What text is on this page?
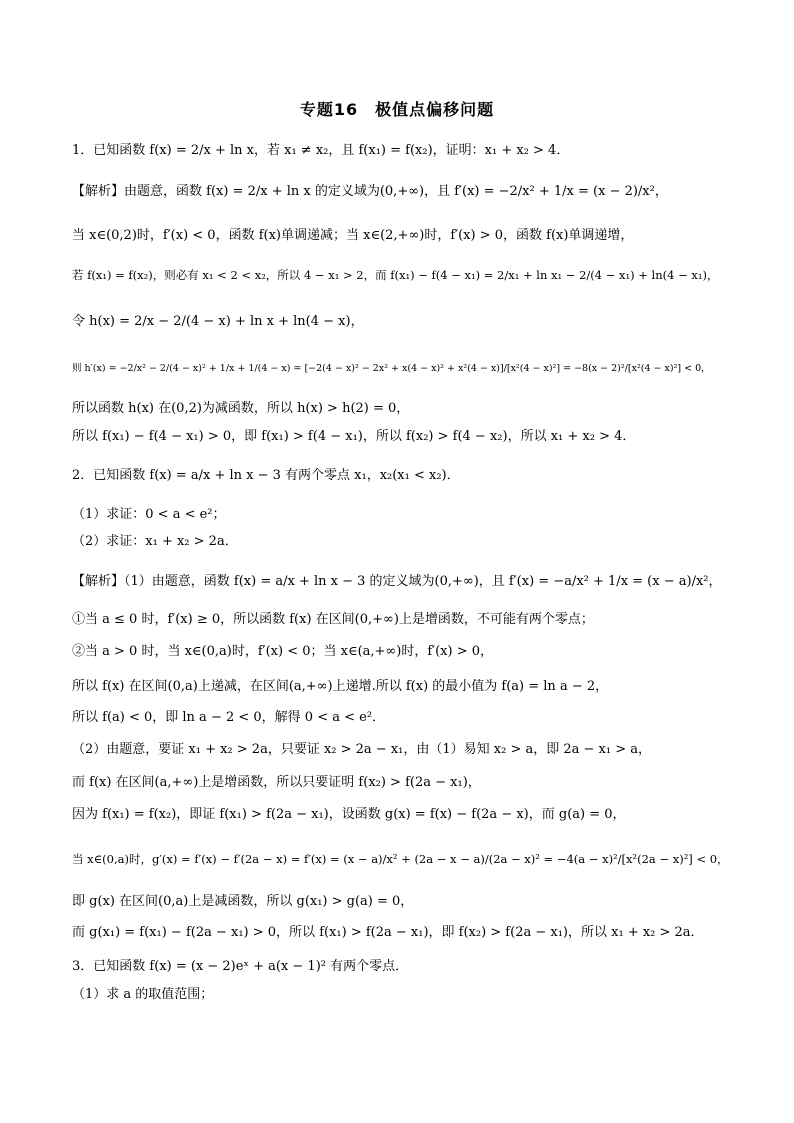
专题16　极值点偏移问题
1．已知函数 f(x) = 2/x + ln x，若 x₁ ≠ x₂，且 f(x₁) = f(x₂)，证明：x₁ + x₂ > 4．
【解析】由题意，函数 f(x) = 2/x + ln x 的定义域为(0,+∞)，且 f′(x) = −2/x² + 1/x = (x − 2)/x²，
当 x∈(0,2)时，f′(x) < 0，函数 f(x)单调递减；当 x∈(2,+∞)时，f′(x) > 0，函数 f(x)单调递增，
若 f(x₁) = f(x₂)，则必有 x₁ < 2 < x₂，所以 4 − x₁ > 2，而 f(x₁) − f(4 − x₁) = 2/x₁ + ln x₁ − 2/(4 − x₁) + ln(4 − x₁)，
令 h(x) = 2/x − 2/(4 − x) + ln x + ln(4 − x)，
则 h′(x) = −2/x² − 2/(4 − x)² + 1/x + 1/(4 − x) = [−2(4 − x)² − 2x² + x(4 − x)² + x²(4 − x)]/[x²(4 − x)²] = −8(x − 2)²/[x²(4 − x)²] < 0，
所以函数 h(x) 在(0,2)为减函数，所以 h(x) > h(2) = 0，
所以 f(x₁) − f(4 − x₁) > 0，即 f(x₁) > f(4 − x₁)，所以 f(x₂) > f(4 − x₂)，所以 x₁ + x₂ > 4．
2．已知函数 f(x) = a/x + ln x − 3 有两个零点 x₁，x₂(x₁ < x₂)．
（1）求证：0 < a < e²；
（2）求证：x₁ + x₂ > 2a．
【解析】（1）由题意，函数 f(x) = a/x + ln x − 3 的定义域为(0,+∞)，且 f′(x) = −a/x² + 1/x = (x − a)/x²，
①当 a ≤ 0 时，f′(x) ≥ 0，所以函数 f(x) 在区间(0,+∞)上是增函数，不可能有两个零点；
②当 a > 0 时，当 x∈(0,a)时，f′(x) < 0；当 x∈(a,+∞)时，f′(x) > 0，
所以 f(x) 在区间(0,a)上递减，在区间(a,+∞)上递增.所以 f(x) 的最小值为 f(a) = ln a − 2，
所以 f(a) < 0，即 ln a − 2 < 0，解得 0 < a < e²．
（2）由题意，要证 x₁ + x₂ > 2a，只要证 x₂ > 2a − x₁，由（1）易知 x₂ > a，即 2a − x₁ > a，
而 f(x) 在区间(a,+∞)上是增函数，所以只要证明 f(x₂) > f(2a − x₁)，
因为 f(x₁) = f(x₂)，即证 f(x₁) > f(2a − x₁)，设函数 g(x) = f(x) − f(2a − x)，而 g(a) = 0，
当 x∈(0,a)时，g′(x) = f′(x) − f′(2a − x) = f′(x) = (x − a)/x² + (2a − x − a)/(2a − x)² = −4(a − x)²/[x²(2a − x)²] < 0，
即 g(x) 在区间(0,a)上是减函数，所以 g(x₁) > g(a) = 0，
而 g(x₁) = f(x₁) − f(2a − x₁) > 0，所以 f(x₁) > f(2a − x₁)，即 f(x₂) > f(2a − x₁)，所以 x₁ + x₂ > 2a．
3．已知函数 f(x) = (x − 2)eˣ + a(x − 1)² 有两个零点．
（1）求 a 的取值范围；
